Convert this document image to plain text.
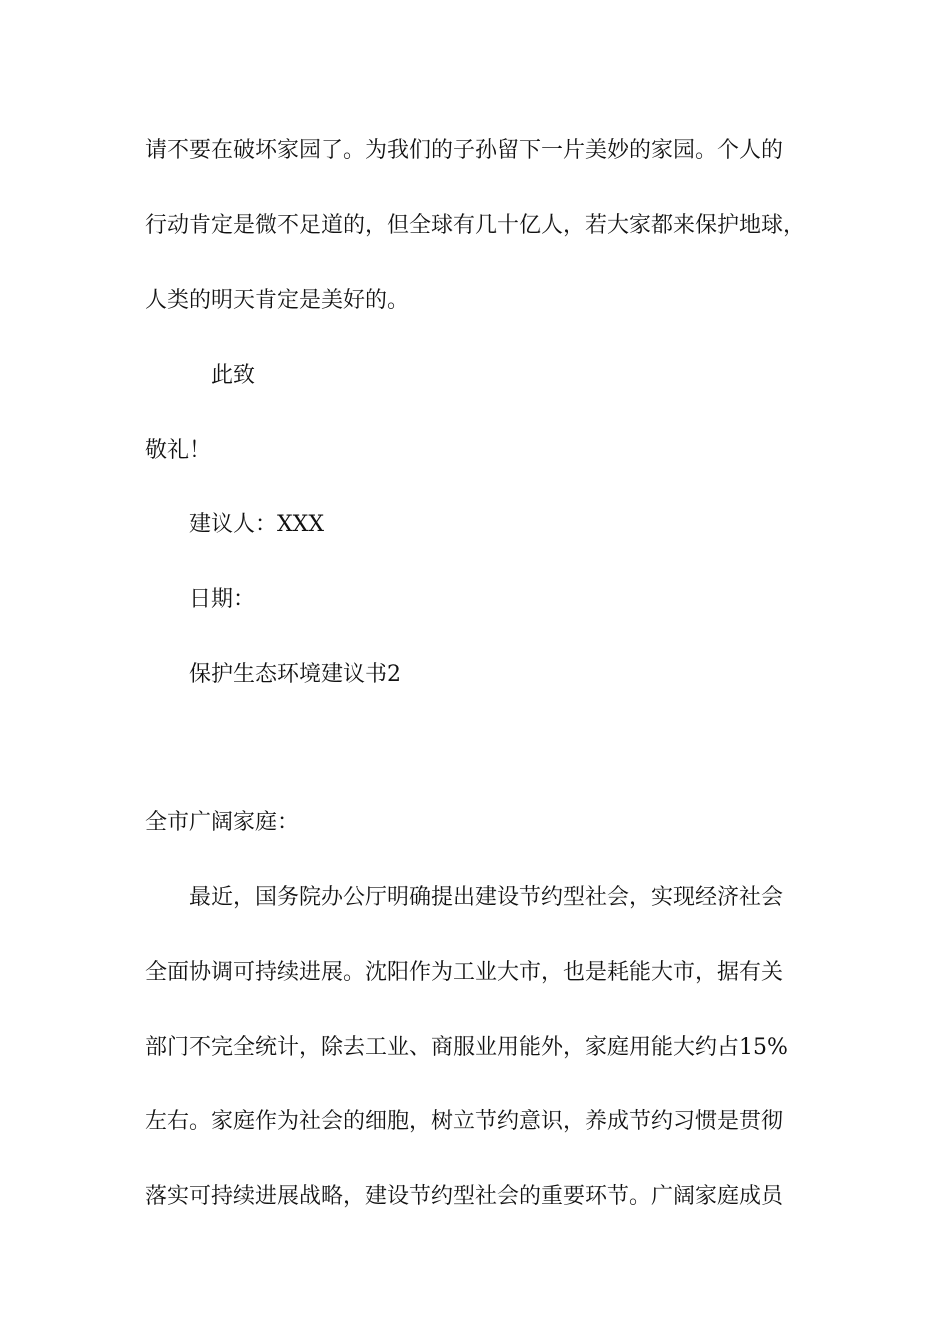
请不要在破坏家园了。为我们的子孙留下一片美妙的家园。个人的
行动肯定是微不足道的，但全球有几十亿人，若大家都来保护地球，
人类的明天肯定是美好的。
此致
敬礼！
建议人：XXX
日期：
保护生态环境建议书2
全市广阔家庭：
最近，国务院办公厅明确提出建设节约型社会，实现经济社会
全面协调可持续进展。沈阳作为工业大市，也是耗能大市，据有关
部门不完全统计，除去工业、商服业用能外，家庭用能大约占15%
左右。家庭作为社会的细胞，树立节约意识，养成节约习惯是贯彻
落实可持续进展战略，建设节约型社会的重要环节。广阔家庭成员
